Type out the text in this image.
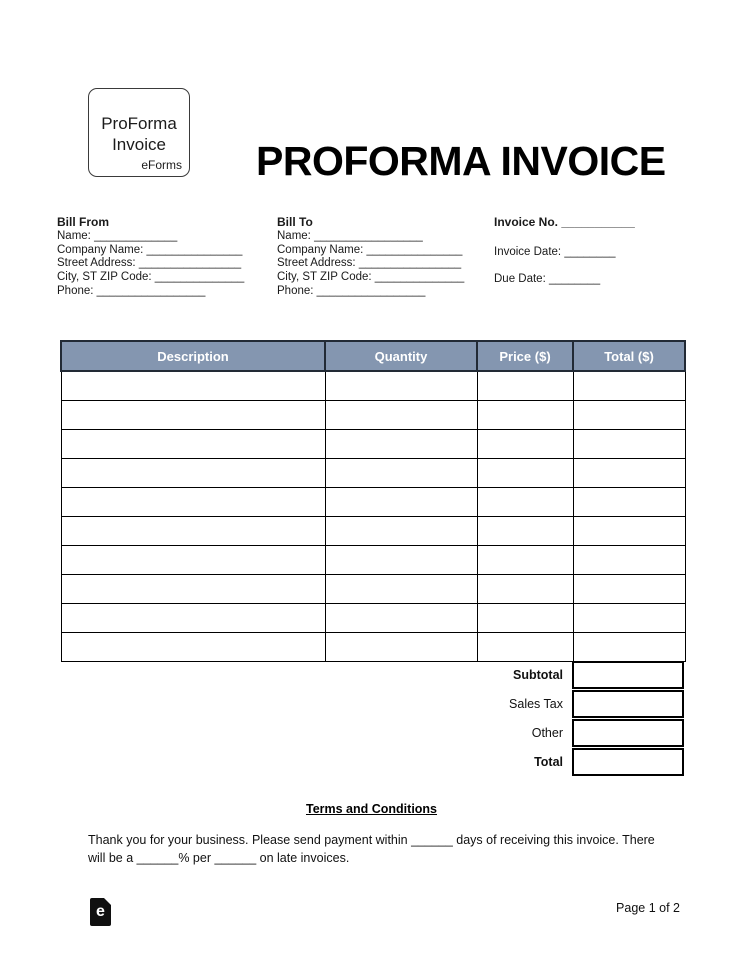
ProForma
Invoice
eForms PROFORMA INVOICE
Bill From
Name: _____________
Company Name: _______________
Street Address: ________________
City, ST ZIP Code: ______________
Phone: _________________
Bill To
Name: _________________
Company Name: _______________
Street Address: ________________
City, ST ZIP Code: ______________
Phone: _________________
Invoice No. ___________
Invoice Date: ________
Due Date: ________
Description	Quantity	Price ($)	Total ($)

Subtotal
Sales Tax
Other
Total
Terms and Conditions
Thank you for your business. Please send payment within ______ days of receiving this invoice. There
will be a ______% per ______ on late invoices.
e	Page 1 of 2
